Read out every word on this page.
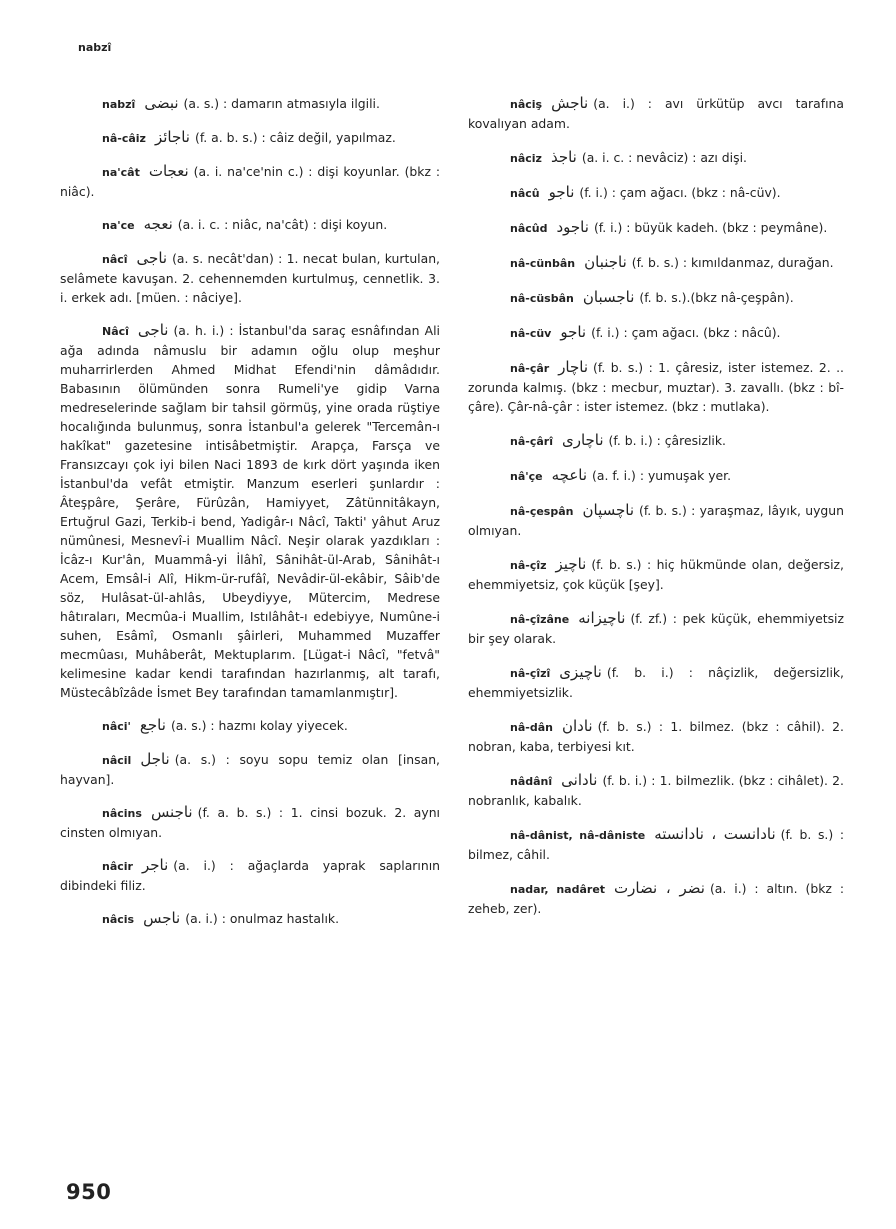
nabzî

nabzî نبضى (a. s.) : damarın atmasıyla ilgili.

nâ-câiz ناجائز (f. a. b. s.) : câiz değil, yapılmaz.

na'cât نعجات (a. i. na'ce'nin c.) : dişi koyunlar. (bkz : niâc).

na'ce نعجه (a. i. c. : niâc, na'cât) : dişi koyun.

nâcî ناجى (a. s. necât'dan) : 1. necat bulan, kurtulan, selâmete kavuşan. 2. cehennemden kurtulmuş, cennetlik. 3. i. erkek adı. [müen. : nâciye].

Nâcî ناجى (a. h. i.) : İstanbul'da saraç esnâfından Ali ağa adında nâmuslu bir adamın oğlu olup meşhur muharrirlerden Ahmed Midhat Efendi'nin dâmâdıdır. Babasının ölümünden sonra Rumeli'ye gidip Varna medreselerinde sağlam bir tahsil görmüş, yine orada rüştiye hocalığında bulunmuş, sonra İstanbul'a gelerek "Tercemân-ı hakîkat" gazetesine intisâbetmiştir. Arapça, Farsça ve Fransızcayı çok iyi bilen Naci 1893 de kırk dört yaşında iken İstanbul'da vefât etmiştir. Manzum eserleri şunlardır : Âteşpâre, Şerâre, Fürûzân, Hamiyyet, Zâtünnitâkayn, Ertuğrul Gazi, Terkib-i bend, Yadigâr-ı Nâcî, Takti' yâhut Aruz nümûnesi, Mesnevî-i Muallim Nâcî. Neşir olarak yazdıkları : İcâz-ı Kur'ân, Muammâ-yi İlâhî, Sânihât-ül-Arab, Sânihât-ı Acem, Emsâl-i Alî, Hikm-ür-rufâî, Nevâdir-ül-ekâbir, Sâib'de söz, Hulâsat-ül-ahlâs, Ubeydiyye, Mütercim, Medrese hâtıraları, Mecmûa-i Muallim, Istılâhât-ı edebiyye, Numûne-i suhen, Esâmî, Osmanlı şâirleri, Muhammed Muzaffer mecmûası, Muhâberât, Mektuplarım. [Lügat-i Nâcî, "fetvâ" kelimesine kadar kendi tarafından hazırlanmış, alt tarafı, Müstecâbîzâde İsmet Bey tarafından tamamlanmıştır].

nâci' ناجع (a. s.) : hazmı kolay yiyecek.

nâcil ناجل (a. s.) : soyu sopu temiz olan [insan, hayvan].

nâcins ناجنس (f. a. b. s.) : 1. cinsi bozuk. 2. aynı cinsten olmıyan.

nâcir ناجر (a. i.) : ağaçlarda yaprak saplarının dibindeki filiz.

nâcis ناجس (a. i.) : onulmaz hastalık.

nâciş ناجش (a. i.) : avı ürkütüp avcı tarafına kovalıyan adam.

nâciz ناجذ (a. i. c. : nevâciz) : azı dişi.

nâcû ناجو (f. i.) : çam ağacı. (bkz : nâ-cüv).

nâcûd ناجود (f. i.) : büyük kadeh. (bkz : peymâne).

nâ-cünbân ناجنبان (f. b. s.) : kımıldanmaz, durağan.

nâ-cüsbân ناجسبان (f. b. s.).(bkz nâ-çeşpân).

nâ-cüv ناجو (f. i.) : çam ağacı. (bkz : nâcû).

nâ-çâr ناچار (f. b. s.) : 1. çâresiz, ister istemez. 2. .. zorunda kalmış. (bkz : mecbur, muztar). 3. zavallı. (bkz : bî-çâre). Çâr-nâ-çâr : ister istemez. (bkz : mutlaka).

nâ-çârî ناچارى (f. b. i.) : çâresizlik.

nâ'çe ناعچه (a. f. i.) : yumuşak yer.

nâ-çespân ناچسپان (f. b. s.) : yaraşmaz, lâyık, uygun olmıyan.

nâ-çîz ناچيز (f. b. s.) : hiç hükmünde olan, değersiz, ehemmiyetsiz, çok küçük [şey].

nâ-çîzâne ناچيزانه (f. zf.) : pek küçük, ehemmiyetsiz bir şey olarak.

nâ-çîzî ناچيزى (f. b. i.) : nâçizlik, değersizlik, ehemmiyetsizlik.

nâ-dân نادان (f. b. s.) : 1. bilmez. (bkz : câhil). 2. nobran, kaba, terbiyesi kıt.

nâdânî نادانى (f. b. i.) : 1. bilmezlik. (bkz : cihâlet). 2. nobranlık, kabalık.

nâ-dânist, nâ-dâniste نادانست ، نادانسته (f. b. s.) : bilmez, câhil.

nadar, nadâret نضر ، نضارت (a. i.) : altın. (bkz : zeheb, zer).

950
